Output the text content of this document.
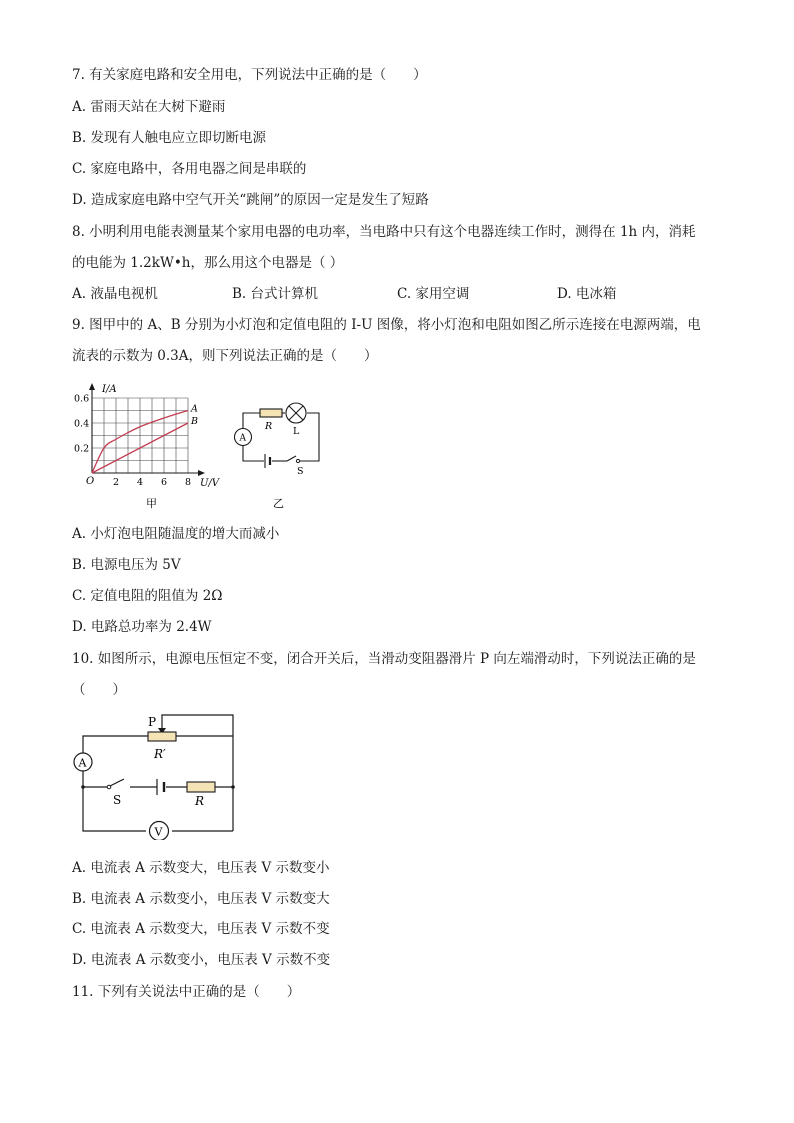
7. 有关家庭电路和安全用电，下列说法中正确的是（　　）
A. 雷雨天站在大树下避雨
B. 发现有人触电应立即切断电源
C. 家庭电路中，各用电器之间是串联的
D. 造成家庭电路中空气开关“跳闸”的原因一定是发生了短路
8. 小明利用电能表测量某个家用电器的电功率，当电路中只有这个电器连续工作时，测得在 1h 内，消耗
的电能为 1.2kW•h，那么用这个电器是（ ）
A. 液晶电视机	B. 台式计算机	C. 家用空调	D. 电冰箱
9. 图甲中的 A、B 分别为小灯泡和定值电阻的 I-U 图像，将小灯泡和电阻如图乙所示连接在电源两端，电
流表的示数为 0.3A，则下列说法正确的是（　　）
I/A
U/V
O
0.2
0.4
0.6
2 4 6 8
A
B
甲
A
R L
S
乙
A. 小灯泡电阻随温度的增大而减小
B. 电源电压为 5V
C. 定值电阻的阻值为 2Ω
D. 电路总功率为 2.4W
10. 如图所示，电源电压恒定不变，闭合开关后，当滑动变阻器滑片 P 向左端滑动时，下列说法正确的是
（　　）
P
R′
A
S	R
V
A. 电流表 A 示数变大，电压表 V 示数变小
B. 电流表 A 示数变小，电压表 V 示数变大
C. 电流表 A 示数变大，电压表 V 示数不变
D. 电流表 A 示数变小，电压表 V 示数不变
11. 下列有关说法中正确的是（　　）
